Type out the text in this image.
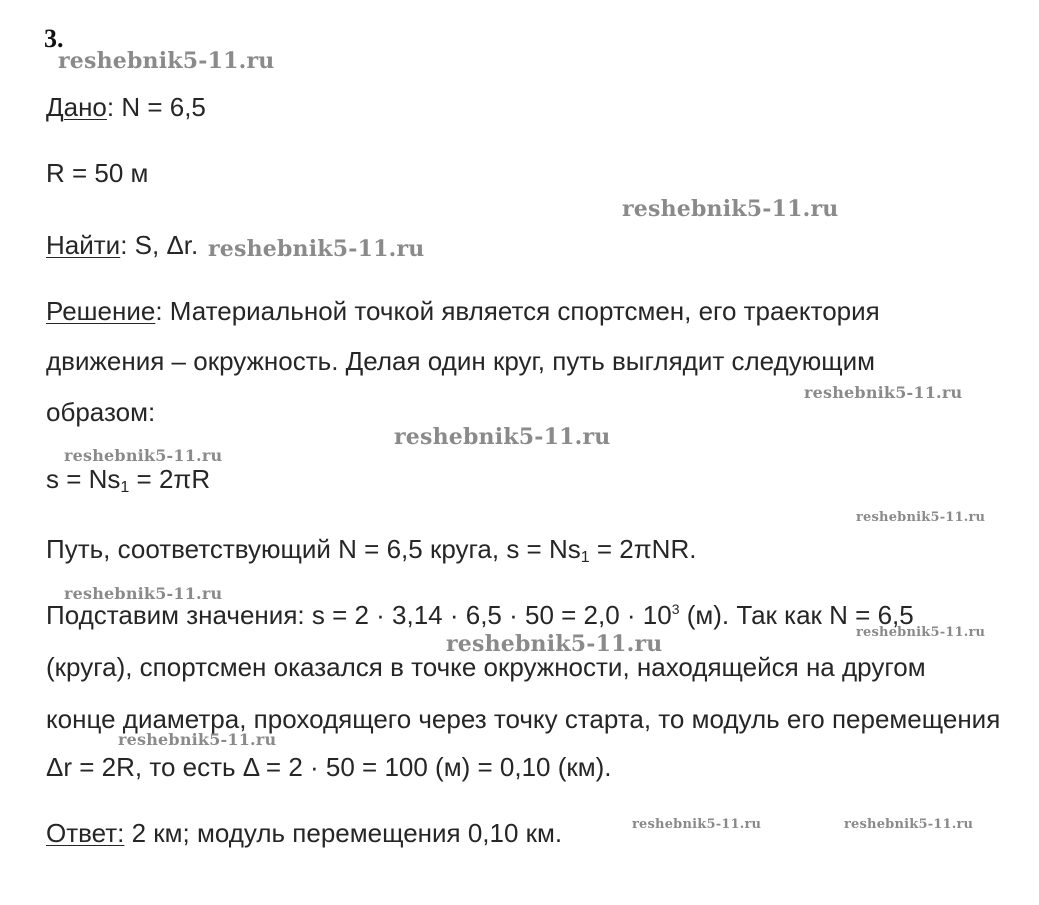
3.
reshebnik5-11.ru
Дано: N = 6,5
R = 50 м
reshebnik5-11.ru
Найти: S, Δr. reshebnik5-11.ru
Решение: Материальной точкой является спортсмен, его траектория
движения – окружность. Делая один круг, путь выглядит следующим
reshebnik5-11.ru
образом:
reshebnik5-11.ru
reshebnik5-11.ru
$s = Ns_1 = 2\pi R$
reshebnik5-11.ru
Путь, соответствующий N = 6,5 круга, $s = Ns_1 = 2\pi NR$.
reshebnik5-11.ru
Подставим значения: $s = 2 \cdot 3,14 \cdot 6,5 \cdot 50 = 2,0 \cdot 10^3$ (м). Так как N = 6,5
reshebnik5-11.ru	reshebnik5-11.ru
(круга), спортсмен оказался в точке окружности, находящейся на другом
конце диаметра, проходящего через точку старта, то модуль его перемещения
reshebnik5-11.ru
Δr = 2R, то есть Δ = 2 · 50 = 100 (м) = 0,10 (км).
Ответ: 2 км; модуль перемещения 0,10 км.	reshebnik5-11.ru	reshebnik5-11.ru
